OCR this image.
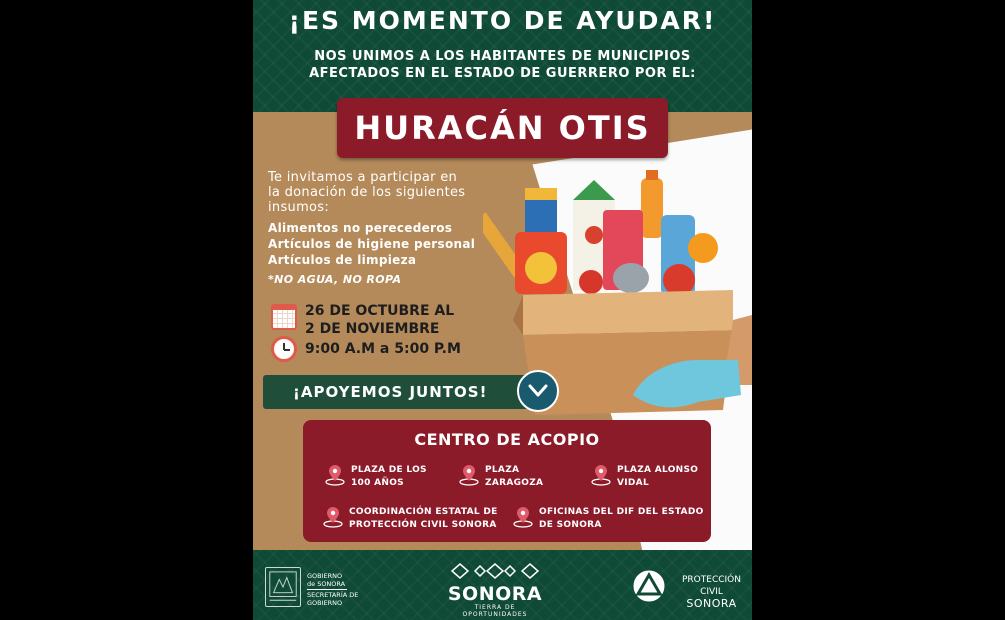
¡ES MOMENTO DE AYUDAR!
NOS UNIMOS A LOS HABITANTES DE MUNICIPIOS
AFECTADOS EN EL ESTADO DE GUERRERO POR EL:
HURACÁN OTIS
Te invitamos a participar en
la donación de los siguientes
insumos:
Alimentos no perecederos
Artículos de higiene personal
Artículos de limpieza
*NO AGUA, NO ROPA
26 DE OCTUBRE AL
2 DE NOVIEMBRE
9:00 A.M a 5:00 P.M
¡APOYEMOS JUNTOS!
CENTRO DE ACOPIO
PLAZA DE LOS
100 AÑOS
PLAZA
ZARAGOZA
PLAZA ALONSO
VIDAL
COORDINACIÓN ESTATAL DE
PROTECCIÓN CIVIL SONORA
OFICINAS DEL DIF DEL ESTADO
DE SONORA
GOBIERNO
de SONORA
SECRETARÍA DE
GOBIERNO	SONORA
TIERRA DE OPORTUNIDADES
PROTECCIÓN CIVIL
SONORA
